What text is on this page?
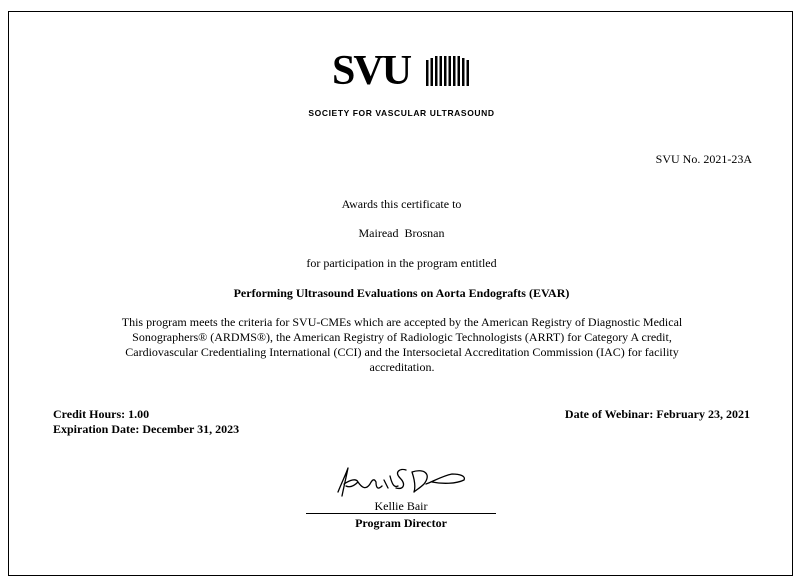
SVU
SOCIETY FOR VASCULAR ULTRASOUND
SVU No. 2021-23A
Awards this certificate to
Mairead  Brosnan
for participation in the program entitled
Performing Ultrasound Evaluations on Aorta Endografts (EVAR)
This program meets the criteria for SVU-CMEs which are accepted by the American Registry of Diagnostic Medical
Sonographers® (ARDMS®), the American Registry of Radiologic Technologists (ARRT) for Category A credit,
Cardiovascular Credentialing International (CCI) and the Intersocietal Accreditation Commission (IAC) for facility
accreditation.
Credit Hours: 1.00
Expiration Date: December 31, 2023
Date of Webinar: February 23, 2021
Kellie Bair
Program Director
